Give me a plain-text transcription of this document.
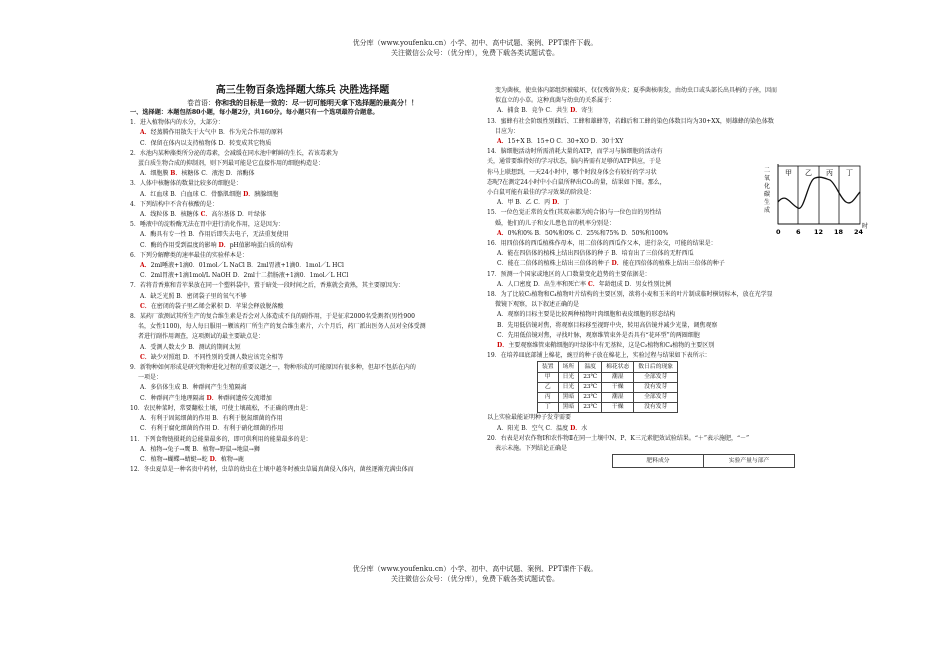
优分库（www.youfenku.cn）小学、初中、高中试题、案例、PPT课件下载。
关注微信公众号：（优分库），免费下载各类试题试卷。
高三生物百条选择题大练兵 决胜选择题
卷首语：你和我的目标是一致的：尽一切可能明天拿下选择题的最高分！！
一、选择题：本题包括80小题，每小题2分，共160分。每小题只有一个选项最符合题意。
1．进入植物体内的水分，大部分：
A．经蒸腾作用散失于大气中 B．作为光合作用的原料
C．保留在体内以支持植物体 D．转变成其它物质
2．水池内某种藻类所分泌的毒素，会减缓在同水池中孵鲜的生长，若该毒素为
蛋白质生物合成的抑制剂，则下列最可能是它直接作用的细胞构造是：
A．细胞膜 B．核糖体 C．液泡 D．溶酶体
3．人体中核糖体的数量比较多的细胞是：
A．红血球 B．白血球 C．骨骼肌细胞 D．胰腺细胞
4．下列结构中不含有核酸的是：
A．线粒体 B．核糖体 C．高尔基体 D．叶绿体
5．唾液中的淀粉酶无法在胃中进行消化作用，这是因为：
A．酶具有专一性 B．作用后即失去电子，无法重复使用
C．酶的作用受到温度的影响 D．pH值影响蛋白质的结构
6．下列分解酵类的速率最佳的实验样本是：
A．2ml唾液+1滴0．01mol／L NaCl B．2ml胃液+1滴0．1mol／L HCl
C．2ml胃液+1滴1mol/L NaOH D．2ml十二指肠液+1滴0．1mol／L HCl
7．若将青香蕉和青苹果放在同一个塑料袋中，置于暗处一段时间之后，香蕉就会黄熟，其主要原因为：
A．缺乏光照 B．密闭袋子里的氧气不够
C．在密闭的袋子里乙烯会累积 D．苹果会释放脱落酸
8．某药厂欲测试其所生产的复合维生素是否会对人体造成不良的副作用，于是征求2000名受测者(男性900
名，女性1100)，每人每日服用一颗该药厂所生产的复合维生素片，六个月后，药厂派出医务人员对全体受测
者进行副作用调查，这项测试的最主要缺点是：
A．受测人数太少 B．测试的期间太短
C．缺少对照组 D．不同性别的受测人数应该完全相等
9．新物种如何形成是研究物种进化过程的重要议题之一，物种形成的可能原因有很多种，但却不包括在内的
一项是：
A．多倍体生成 B．种群间产生生殖隔离
C．种群间产生地理隔离 D．种群间遗传交流增加
10．农民种菜时，常要翻松土壤，可使土壤疏松，不正确的理由是：
A．有利于固氮细菌的作用 B．有利于脱氮细菌的作用
C．有利于腐化细菌的作用 D．有利于硝化细菌的作用
11．下列食物链摄耗的总能量最多的，即可供利用的能量最多的是：
A．植物→兔子→鹰 B．植物→野鼠→地鼠→狮
C．植物→蝴蝶→蜻蜓→蛇 D．植物→鹿
12．冬虫夏草是一种名贵中药材，虫草的幼虫在土壤中越冬时被虫草属真菌侵入体内，菌丝逐渐充满虫体而
变为菌核，使虫体内部组织被破坏，仅仅残留外皮；夏季菌核萌发，由幼虫口或头部长出具柄的子座，因而
似直立的小草。这种真菌与幼虫的关系属于：
A．捕食 B．竞争 C．共生 D．寄生
13．蜜蜂有社会阶级性别雌后、工蜂和雄蜂等，若雌后和工蜂的染色体数目均为30+XX，则雄蜂的染色体数
目应为：
A．15+X B．15+O C．30+XO D．30十XY
14．脑细胞活动时所需消耗大量的ATP，而学习与脑细胞的活动有
关，通常要维持好的学习状态，脑内皆需有足够的ATP供应，于是
你马上联想到，一天24小时中，哪个时段身体会有较好的学习状
态呢?在测定24小时中小白鼠所释出CO₂的量，结果如下图。那么，
小白鼠可能有最佳的学习效果的阶段是：
A．甲 B．乙 C．丙 D．丁
15．一位色觉正常的女性(其双亲都为纯合体)与一位色盲的男性结
婚，他们的儿子和女儿患色盲的机率分别是：
A．0%和0% B．50%和0% C．25%和75% D．50%和100%
16．用四倍体的西瓜植株作母本，用二倍体的西瓜作父本，进行杂交，可能的结果是：
A．能在四倍体的植株上结出四倍体的种子 B．培育出了三倍体的无籽西瓜
C．能在二倍体的植株上结出三倍体的种子 D．能在四倍体的植株上结出三倍体的种子
17．预测一个国家或地区的人口数量变化趋势的主要依据是：
A．人口密度 D．出生率和死亡率 C．年龄组成 D．男女性别比例
18．为了比较C₃植物和C₄植物叶片结构的主要区别，欲将小麦和玉米的叶片制成临时横切标本，放在光学显
微镜下观察，以下叙述正确的是
A．观察的目标主要是比较两种植物叶肉细胞和表皮细胞的形态结构
B．先用低倍镜对焦，将观察目标移至视野中央，转用高倍镜并减少光量，调焦观察
C．先用低倍镜对焦，寻找叶脉，观察维管束外是否具有“花环型”的两圈细胞
D．主要观察维管束鞘细胞的叶绿体中有无基粒，这是C₃植物和C₄植物的主要区别
19．在培养皿底部铺上棉花，豌豆的种子放在棉花上，实验过程与结果如下表所示：
装置	场所	温度	棉花状态	数日后的现象
甲	日光	23℃	潮湿	全部发芽
乙	日光	23℃	干燥	没有发芽
丙	黑暗	23℃	潮湿	全部发芽
丁	黑暗	23℃	干燥	没有发芽
以上实验最能证明种子发芽需要
A．阳光 B．空气 C．温度 D．水
20．右表是对农作物Ⅰ和农作物Ⅱ在同一土壤中N、P、K三元素肥效试验结果。“＋”表示施肥，“－”
表示未施。下列结论正确是
肥料成分	实验产量与部产
二氧化碳生成
甲 乙 丙 丁
0 6 12 18 24
时
优分库（www.youfenku.cn）小学、初中、高中试题、案例、PPT课件下载。
关注微信公众号：（优分库），免费下载各类试题试卷。
